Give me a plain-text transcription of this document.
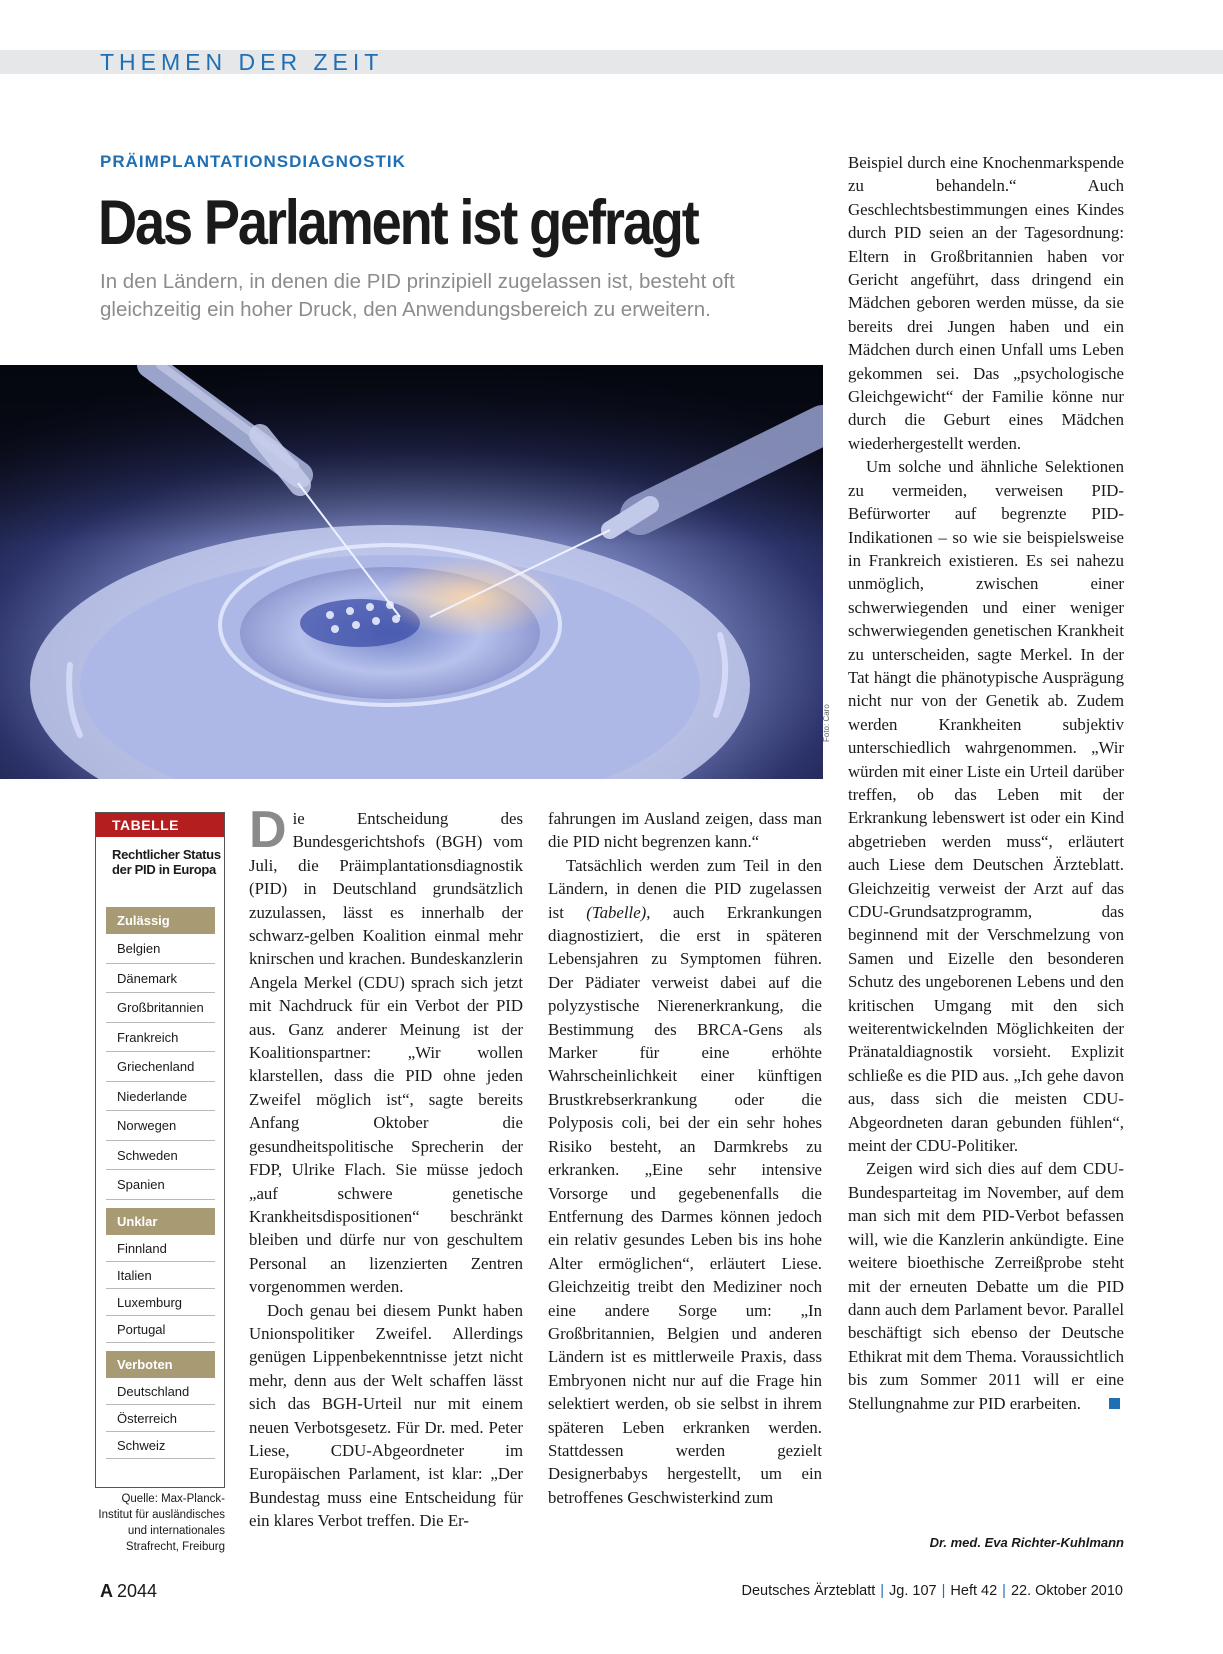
THEMEN DER ZEIT
PRÄIMPLANTATIONSDIAGNOSTIK
Das Parlament ist gefragt
In den Ländern, in denen die PID prinzipiell zugelassen ist, besteht oft gleichzeitig ein hoher Druck, den Anwendungsbereich zu erweitern.
Foto: Caro
TABELLE
Rechtlicher Status der PID in Europa
Zulässig
Belgien
Dänemark
Großbritannien
Frankreich
Griechenland
Niederlande
Norwegen
Schweden
Spanien
Unklar
Finnland
Italien
Luxemburg
Portugal
Verboten
Deutschland
Österreich
Schweiz
Quelle: Max-Planck-Institut für ausländisches und internationales Strafrecht, Freiburg

Die Entscheidung des Bundesgerichtshofs (BGH) vom Juli, die Präimplantationsdiagnostik (PID) in Deutschland grundsätzlich zuzulassen, lässt es innerhalb der schwarz-gelben Koalition einmal mehr knirschen und krachen. Bundeskanzlerin Angela Merkel (CDU) sprach sich jetzt mit Nachdruck für ein Verbot der PID aus. Ganz anderer Meinung ist der Koalitionspartner: „Wir wollen klarstellen, dass die PID ohne jeden Zweifel möglich ist“, sagte bereits Anfang Oktober die gesundheitspolitische Sprecherin der FDP, Ulrike Flach. Sie müsse jedoch „auf schwere genetische Krankheitsdispositionen“ beschränkt bleiben und dürfe nur von geschultem Personal an lizenzierten Zentren vorgenommen werden.

Doch genau bei diesem Punkt haben Unionspolitiker Zweifel. Allerdings genügen Lippenbekenntnisse jetzt nicht mehr, denn aus der Welt schaffen lässt sich das BGH-Urteil nur mit einem neuen Verbotsgesetz. Für Dr. med. Peter Liese, CDU-Abgeordneter im Europäischen Parlament, ist klar: „Der Bundestag muss eine Entscheidung für ein klares Verbot treffen. Die Er-

fahrungen im Ausland zeigen, dass man die PID nicht begrenzen kann.“

Tatsächlich werden zum Teil in den Ländern, in denen die PID zugelassen ist (Tabelle), auch Erkrankungen diagnostiziert, die erst in späteren Lebensjahren zu Symptomen führen. Der Pädiater verweist dabei auf die polyzystische Nierenerkrankung, die Bestimmung des BRCA-Gens als Marker für eine erhöhte Wahrscheinlichkeit einer künftigen Brustkrebserkrankung oder die Polyposis coli, bei der ein sehr hohes Risiko besteht, an Darmkrebs zu erkranken. „Eine sehr intensive Vorsorge und gegebenenfalls die Entfernung des Darmes können jedoch ein relativ gesundes Leben bis ins hohe Alter ermöglichen“, erläutert Liese. Gleichzeitig treibt den Mediziner noch eine andere Sorge um: „In Großbritannien, Belgien und anderen Ländern ist es mittlerweile Praxis, dass Embryonen nicht nur auf die Frage hin selektiert werden, ob sie selbst in ihrem späteren Leben erkranken werden. Stattdessen werden gezielt Designerbabys hergestellt, um ein betroffenes Geschwisterkind zum

Beispiel durch eine Knochenmarkspende zu behandeln.“ Auch Geschlechtsbestimmungen eines Kindes durch PID seien an der Tagesordnung: Eltern in Großbritannien haben vor Gericht angeführt, dass dringend ein Mädchen geboren werden müsse, da sie bereits drei Jungen haben und ein Mädchen durch einen Unfall ums Leben gekommen sei. Das „psychologische Gleichgewicht“ der Familie könne nur durch die Geburt eines Mädchen wiederhergestellt werden.

Um solche und ähnliche Selektionen zu vermeiden, verweisen PID-Befürworter auf begrenzte PID-Indikationen – so wie sie beispielsweise in Frankreich existieren. Es sei nahezu unmöglich, zwischen einer schwerwiegenden und einer weniger schwerwiegenden genetischen Krankheit zu unterscheiden, sagte Merkel. In der Tat hängt die phänotypische Ausprägung nicht nur von der Genetik ab. Zudem werden Krankheiten subjektiv unterschiedlich wahrgenommen. „Wir würden mit einer Liste ein Urteil darüber treffen, ob das Leben mit der Erkrankung lebenswert ist oder ein Kind abgetrieben werden muss“, erläutert auch Liese dem Deutschen Ärzteblatt. Gleichzeitig verweist der Arzt auf das CDU-Grundsatzprogramm, das beginnend mit der Verschmelzung von Samen und Eizelle den besonderen Schutz des ungeborenen Lebens und den kritischen Umgang mit den sich weiterentwickelnden Möglichkeiten der Pränataldiagnostik vorsieht. Explizit schließe es die PID aus. „Ich gehe davon aus, dass sich die meisten CDU-Abgeordneten daran gebunden fühlen“, meint der CDU-Politiker.

Zeigen wird sich dies auf dem CDU-Bundesparteitag im November, auf dem man sich mit dem PID-Verbot befassen will, wie die Kanzlerin ankündigte. Eine weitere bioethische Zerreißprobe steht mit der erneuten Debatte um die PID dann auch dem Parlament bevor. Parallel beschäftigt sich ebenso der Deutsche Ethikrat mit dem Thema. Voraussichtlich bis zum Sommer 2011 will er eine Stellungnahme zur PID erarbeiten.

Dr. med. Eva Richter-Kuhlmann
A 2044	Deutsches Ärzteblatt | Jg. 107 | Heft 42 | 22. Oktober 2010
